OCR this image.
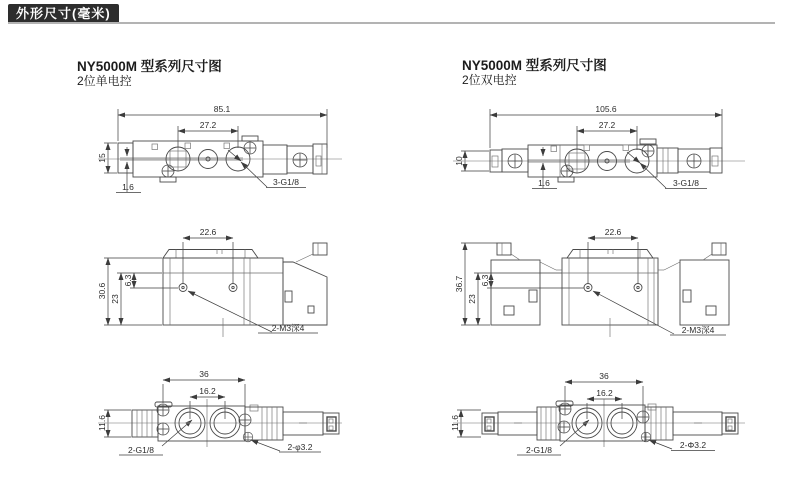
外形尺寸(毫米)
NY5000M 型系列尺寸图
2位单电控
NY5000M 型系列尺寸图
2位双电控
85.1
27.2
15
1.6	3-G1/8
22.6
30.6 23
6.3
2-M3深4
36
16.2
11.6
2-G1/8	2-φ3.2
105.6
27.2
10
1.6	3-G1/8
22.6
36.7
23
6.3
2-M3深4
36
16.2
11.6
2-G1/8	2-Φ3.2
